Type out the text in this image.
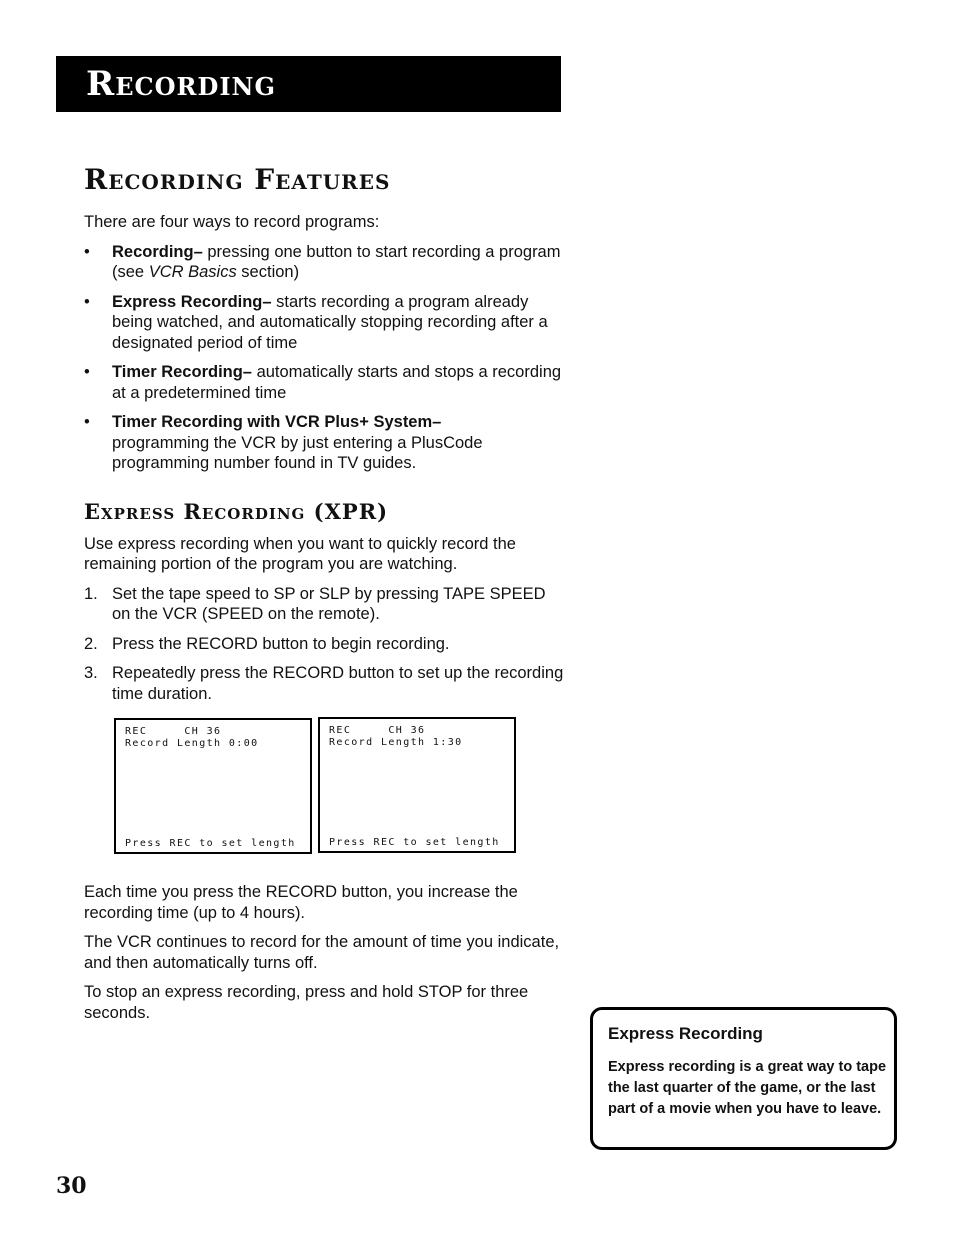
Recording
Recording Features

There are four ways to record programs:

•	Recording– pressing one button to start recording a program (see VCR Basics section)
•	Express Recording– starts recording a program already being watched, and automatically stopping recording after a designated period of time
•	Timer Recording– automatically starts and stops a recording at a predetermined time
•	Timer Recording with VCR Plus+ System–
programming the VCR by just entering a PlusCode programming number found in TV guides.
Express Recording (XPR)

Use express recording when you want to quickly record the remaining portion of the program you are watching.

1. Set the tape speed to SP or SLP by pressing TAPE SPEED on the VCR (SPEED on the remote).
2. Press the RECORD button to begin recording.
3. Repeatedly press the RECORD button to set up the recording time duration.
REC     CH 36
Record Length 0:00
Press REC to set length
REC     CH 36
Record Length 1:30
Press REC to set length

Each time you press the RECORD button, you increase the recording time (up to 4 hours).

The VCR continues to record for the amount of time you indicate, and then automatically turns off.

To stop an express recording, press and hold STOP for three seconds.

Express Recording
Express recording is a great way to tape the last quarter of the game, or the last part of a movie when you have to leave.
30
